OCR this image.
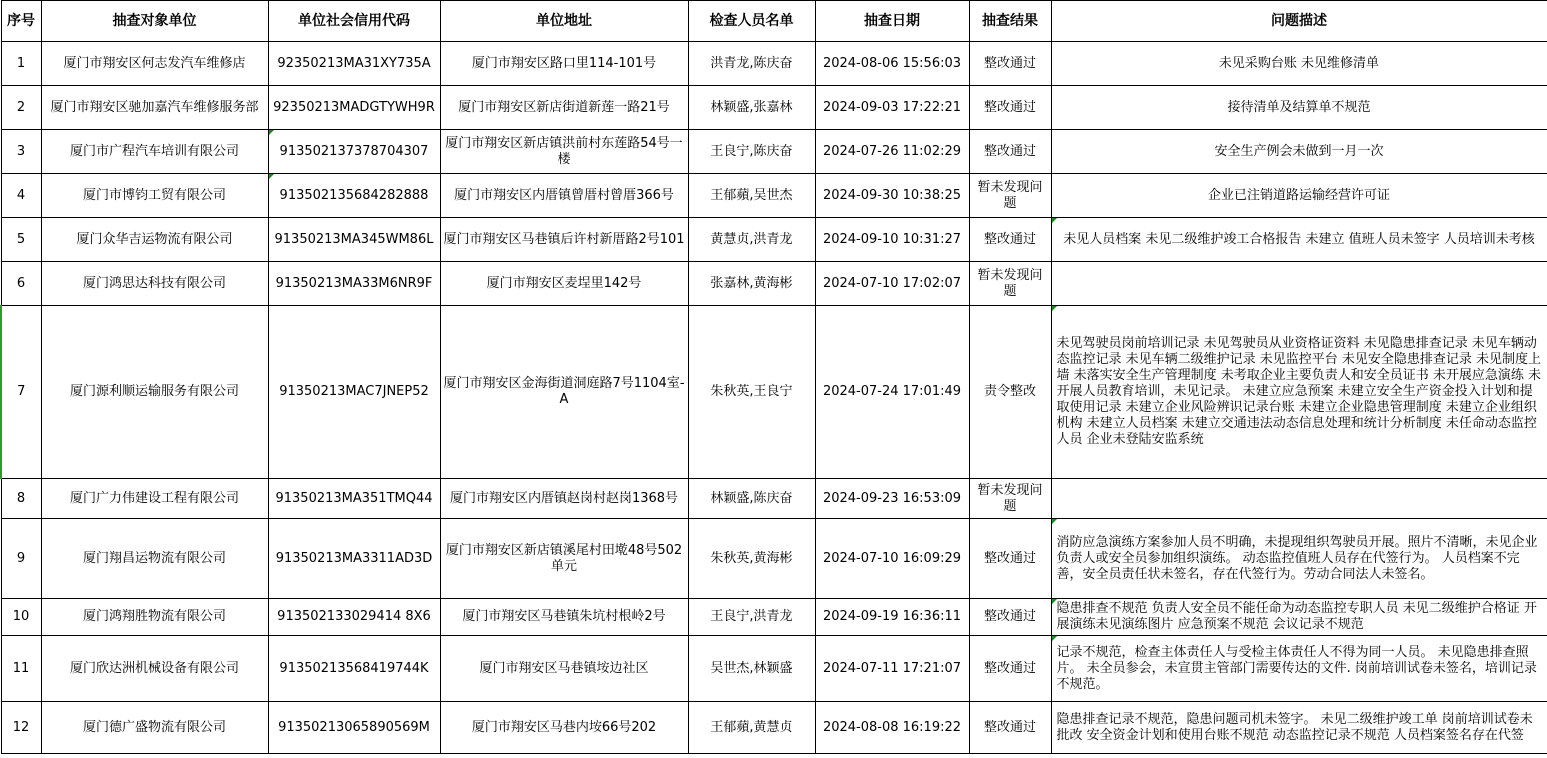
序号	抽查对象单位	单位社会信用代码	单位地址	检查人员名单	抽查日期	抽查结果	问题描述
1	厦门市翔安区何志发汽车维修店	92350213MA31XY735A	厦门市翔安区路口里114-101号	洪青龙,陈庆奋	2024-08-06 15:56:03	整改通过	未见采购台账 未见维修清单
2	厦门市翔安区驰加嘉汽车维修服务部	92350213MADGTYWH9R	厦门市翔安区新店街道新莲一路21号	林颖盛,张嘉林	2024-09-03 17:22:21	整改通过	接待清单及结算单不规范
3	厦门市广程汽车培训有限公司	913502137378704307	厦门市翔安区新店镇洪前村东莲路54号一楼	王良宁,陈庆奋	2024-07-26 11:02:29	整改通过	安全生产例会未做到一月一次
4	厦门市博钧工贸有限公司	913502135684282888	厦门市翔安区内厝镇曾厝村曾厝366号	王郁蘋,吴世杰	2024-09-30 10:38:25	暂未发现问题	企业已注销道路运输经营许可证
5	厦门众华吉运物流有限公司	91350213MA345WM86L	厦门市翔安区马巷镇后许村新厝路2号101	黄慧贞,洪青龙	2024-09-10 10:31:27	整改通过	未见人员档案 未见二级维护竣工合格报告 未建立 值班人员未签字 人员培训未考核
6	厦门鸿思达科技有限公司	91350213MA33M6NR9F	厦门市翔安区麦埕里142号	张嘉林,黄海彬	2024-07-10 17:02:07	暂未发现问题	
7	厦门源利顺运输服务有限公司	91350213MAC7JNEP52	厦门市翔安区金海街道洞庭路7号1104室-A	朱秋英,王良宁	2024-07-24 17:01:49	责令整改	未见驾驶员岗前培训记录 未见驾驶员从业资格证资料 未见隐患排查记录 未见车辆动态监控记录 未见车辆二级维护记录 未见监控平台 未见安全隐患排查记录 未见制度上墙 未落实安全生产管理制度 未考取企业主要负责人和安全员证书 未开展应急演练 未开展人员教育培训，未见记录。 未建立应急预案 未建立安全生产资金投入计划和提取使用记录 未建立企业风险辨识记录台账 未建立企业隐患管理制度 未建立企业组织机构 未建立人员档案 未建立交通违法动态信息处理和统计分析制度 未任命动态监控人员 企业未登陆安监系统
8	厦门广力伟建设工程有限公司	91350213MA351TMQ44	厦门市翔安区内厝镇赵岗村赵岗1368号	林颖盛,陈庆奋	2024-09-23 16:53:09	暂未发现问题	
9	厦门翔昌运物流有限公司	91350213MA3311AD3D	厦门市翔安区新店镇溪尾村田墘48号502单元	朱秋英,黄海彬	2024-07-10 16:09:29	整改通过	消防应急演练方案参加人员不明确，未提现组织驾驶员开展。照片不清晰，未见企业负责人或安全员参加组织演练。 动态监控值班人员存在代签行为。 人员档案不完善，安全员责任状未签名，存在代签行为。劳动合同法人未签名。
10	厦门鸿翔胜物流有限公司	913502133029414 8X6	厦门市翔安区马巷镇朱坑村根岭2号	王良宁,洪青龙	2024-09-19 16:36:11	整改通过	隐患排查不规范 负责人安全员不能任命为动态监控专职人员 未见二级维护合格证 开展演练未见演练图片 应急预案不规范 会议记录不规范
11	厦门欣达洲机械设备有限公司	91350213568419744K	厦门市翔安区马巷镇垵边社区	吴世杰,林颖盛	2024-07-11 17:21:07	整改通过	记录不规范，检查主体责任人与受检主体责任人不得为同一人员。 未见隐患排查照片。 未全员参会，未宣贯主管部门需要传达的文件. 岗前培训试卷未签名，培训记录不规范。
12	厦门德广盛物流有限公司	91350213065890569M	厦门市翔安区马巷内垵66号202	王郁蘋,黄慧贞	2024-08-08 16:19:22	整改通过	隐患排查记录不规范，隐患问题司机未签字。 未见二级维护竣工单 岗前培训试卷未批改 安全资金计划和使用台账不规范 动态监控记录不规范 人员档案签名存在代签
